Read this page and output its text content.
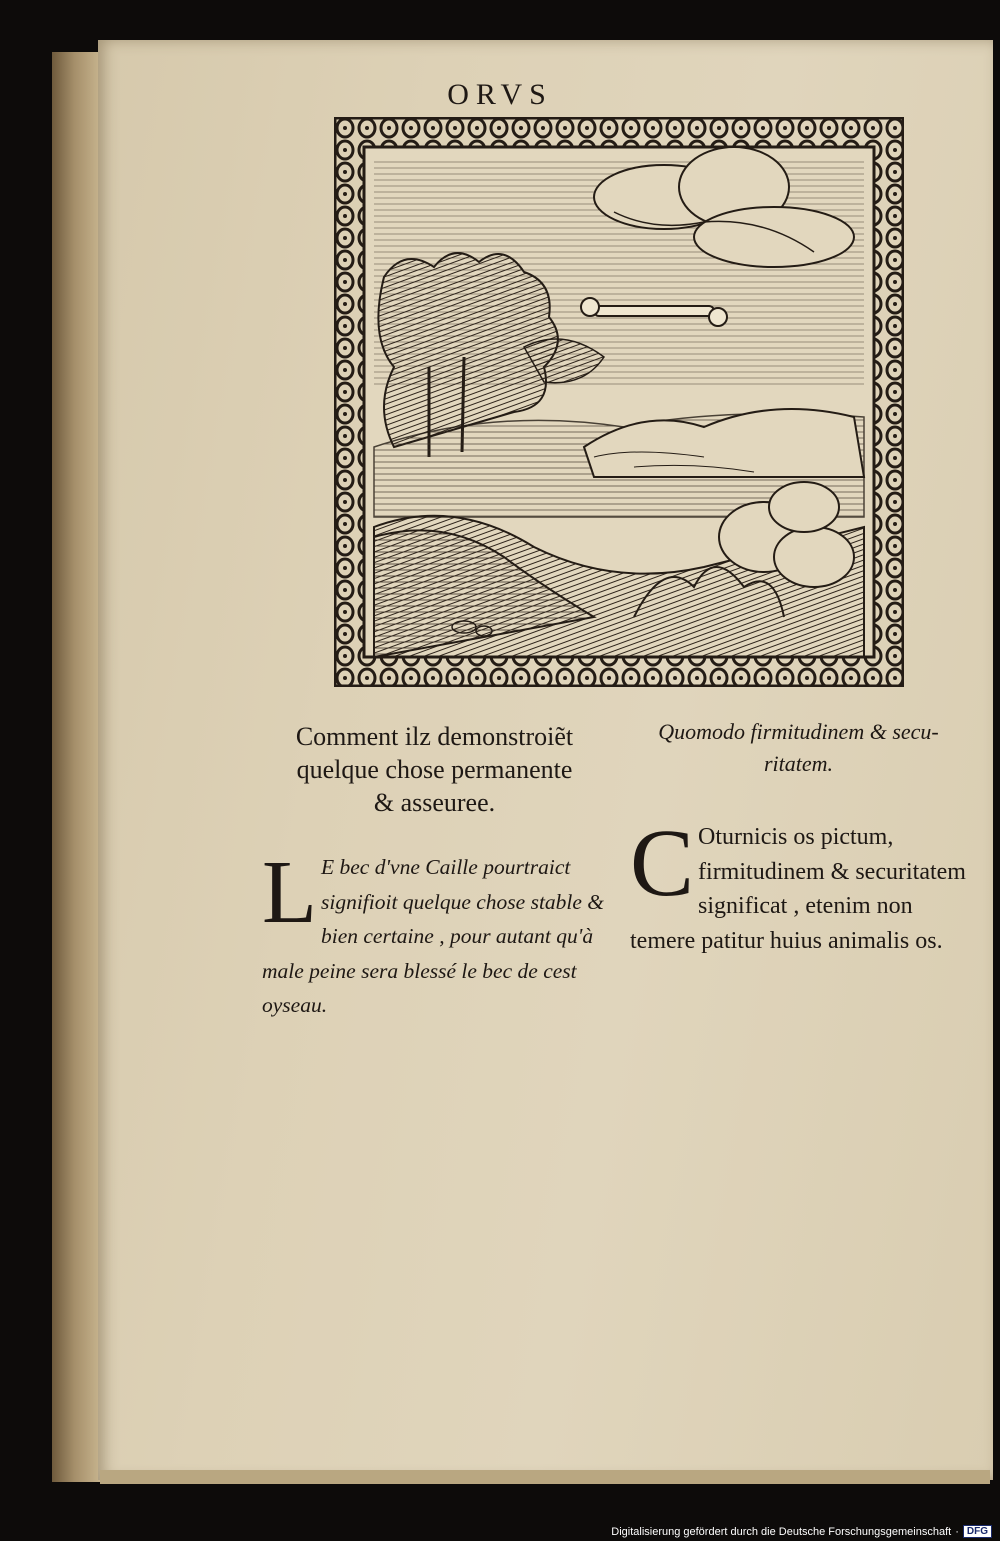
ORVS
Comment ilz demonstroiẽt
quelque chose permanente
& asseuree.
Quomodo firmitudinem & secu-
ritatem.
L E bec d'vne Caille pourtraict signifioit quelque chose stable & bien certaine , pour autant qu'à male peine sera blessé le bec de cest oyseau.
C Oturnicis os pictum, firmitudinem & securitatem significat , etenim non temere patitur huius animalis os.
Digitalisierung gefördert durch die Deutsche Forschungsgemeinschaft · DFG
